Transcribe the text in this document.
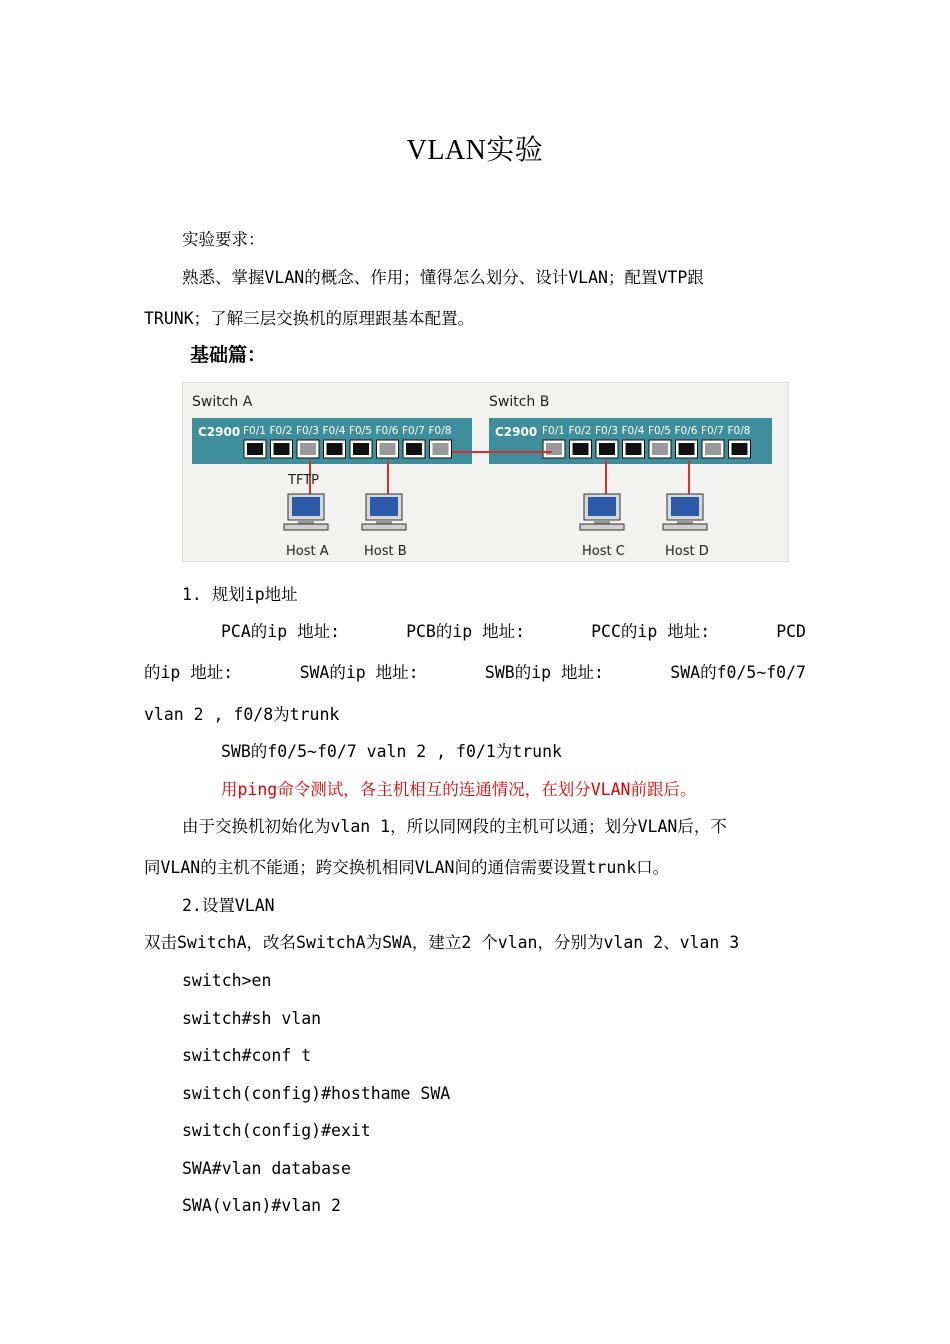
VLAN实验
实验要求：
熟悉、掌握VLAN的概念、作用；懂得怎么划分、设计VLAN；配置VTP跟
TRUNK；了解三层交换机的原理跟基本配置。
基础篇：
Switch A	Switch B
C2900	C2900
F0/1 F0/2 F0/3 F0/4 F0/5 F0/6 F0/7 F0/8	F0/1 F0/2 F0/3 F0/4 F0/5 F0/6 F0/7 F0/8
TFTP
Host A	Host B	Host C	Host D
1. 规划ip地址
PCA的ip 地址:	PCB的ip 地址:	PCC的ip 地址:	PCD
的ip 地址:	SWA的ip 地址:	SWB的ip 地址:	SWA的f0/5~f0/7
vlan 2 , f0/8为trunk
SWB的f0/5~f0/7 valn 2 , f0/1为trunk
用ping命令测试，各主机相互的连通情况，在划分VLAN前跟后。
由于交换机初始化为vlan 1，所以同网段的主机可以通；划分VLAN后，不
同VLAN的主机不能通；跨交换机相同VLAN间的通信需要设置trunk口。
2.设置VLAN
双击SwitchA，改名SwitchA为SWA，建立2 个vlan，分别为vlan 2、vlan 3
switch>en
switch#sh vlan
switch#conf t
switch(config)#hosthame SWA
switch(config)#exit
SWA#vlan database
SWA(vlan)#vlan 2
